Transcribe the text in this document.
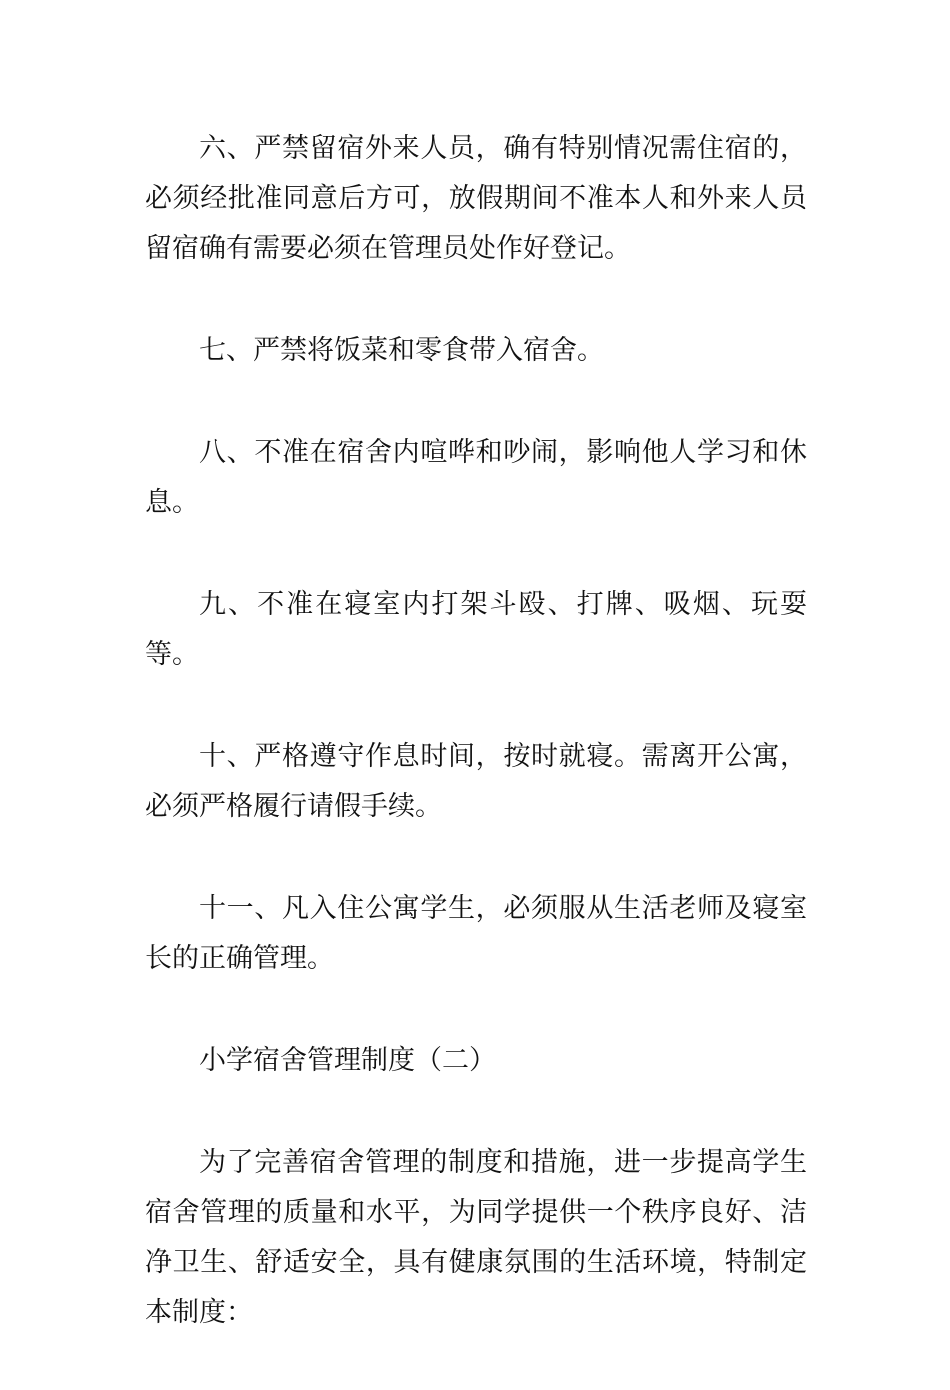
六、严禁留宿外来人员，确有特别情况需住宿的，必须经批准同意后方可，放假期间不准本人和外来人员留宿确有需要必须在管理员处作好登记。

七、严禁将饭菜和零食带入宿舍。

八、不准在宿舍内喧哗和吵闹，影响他人学习和休息。

九、不准在寝室内打架斗殴、打牌、吸烟、玩耍等。

十、严格遵守作息时间，按时就寝。需离开公寓，必须严格履行请假手续。

十一、凡入住公寓学生，必须服从生活老师及寝室长的正确管理。

小学宿舍管理制度（二）

为了完善宿舍管理的制度和措施，进一步提高学生宿舍管理的质量和水平，为同学提供一个秩序良好、洁净卫生、舒适安全，具有健康氛围的生活环境，特制定本制度：
